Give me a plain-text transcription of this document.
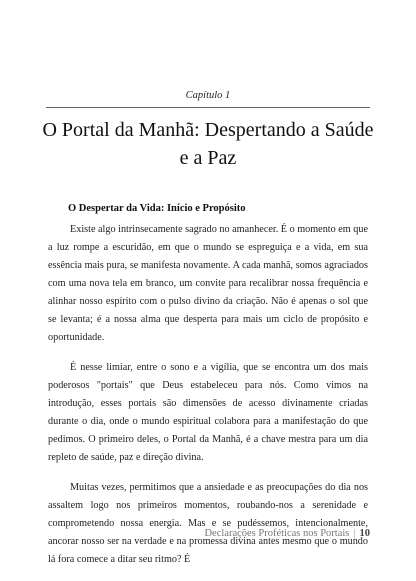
Capítulo 1
O Portal da Manhã: Despertando a Saúde e a Paz
O Despertar da Vida: Início e Propósito

Existe algo intrinsecamente sagrado no amanhecer. É o momento em que a luz rompe a escuridão, em que o mundo se espreguiça e a vida, em sua essência mais pura, se manifesta novamente. A cada manhã, somos agraciados com uma nova tela em branco, um convite para recalibrar nossa frequência e alinhar nosso espírito com o pulso divino da criação. Não é apenas o sol que se levanta; é a nossa alma que desperta para mais um ciclo de propósito e oportunidade.

É nesse limiar, entre o sono e a vigília, que se encontra um dos mais poderosos "portais" que Deus estabeleceu para nós. Como vimos na introdução, esses portais são dimensões de acesso divinamente criadas durante o dia, onde o mundo espiritual colabora para a manifestação do que pedimos. O primeiro deles, o Portal da Manhã, é a chave mestra para um dia repleto de saúde, paz e direção divina.

Muitas vezes, permitimos que a ansiedade e as preocupações do dia nos assaltem logo nos primeiros momentos, roubando-nos a serenidade e comprometendo nossa energia. Mas e se pudéssemos, intencionalmente, ancorar nosso ser na verdade e na promessa divina antes mesmo que o mundo lá fora comece a ditar seu ritmo? É

Declarações Proféticas nos Portais | 10
